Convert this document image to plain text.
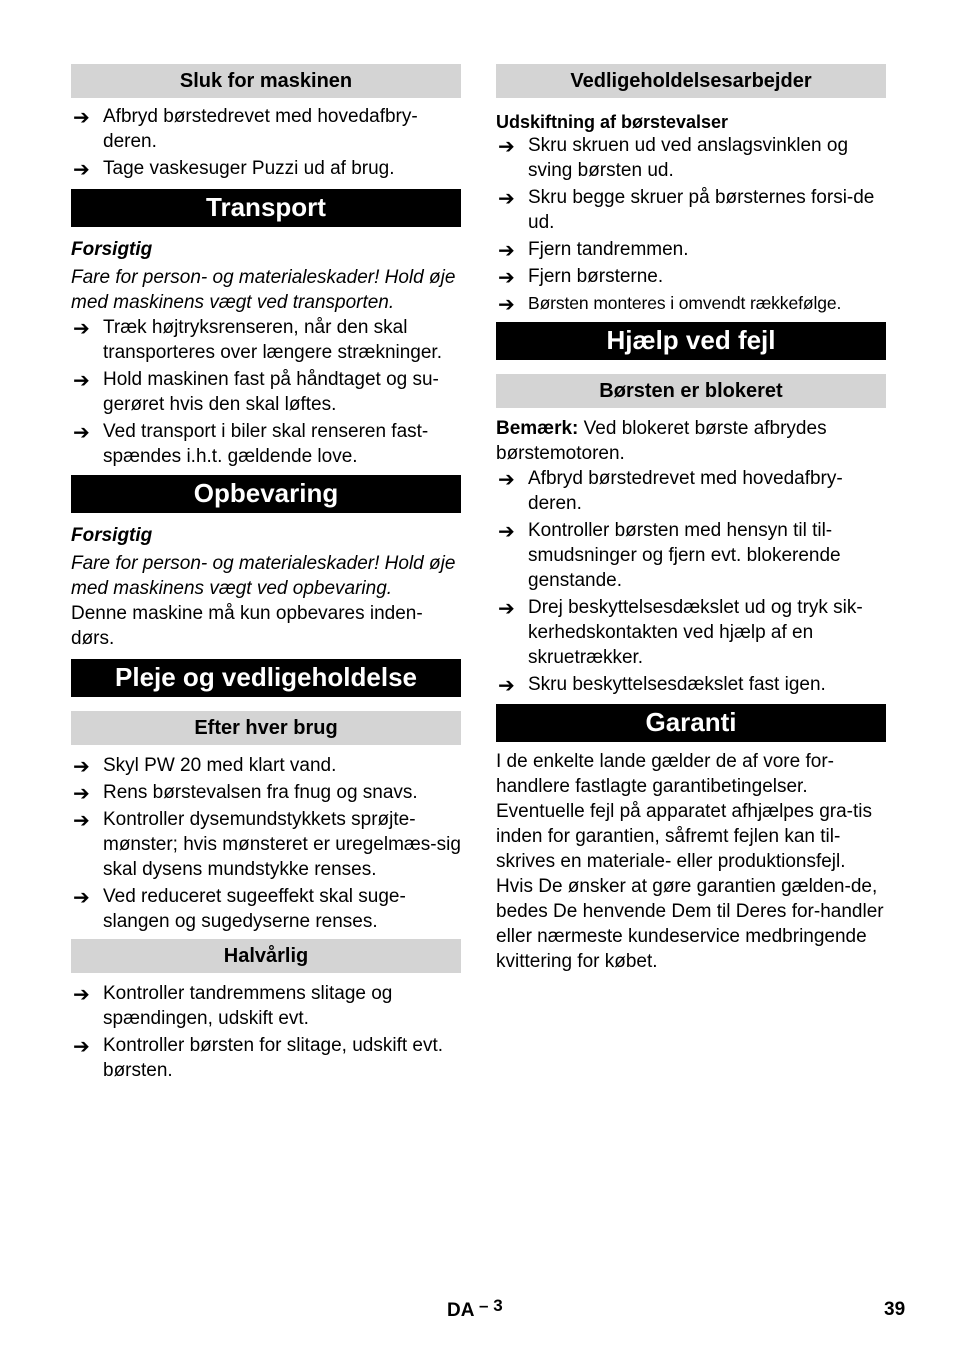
Sluk for maskinen
➔ Afbryd børstedrevet med hovedafbry-deren.
➔ Tage vaskesuger Puzzi ud af brug.
Transport

Forsigtig

Fare for person- og materialeskader! Hold øje med maskinens vægt ved transporten.

➔ Træk højtryksrenseren, når den skal transporteres over længere strækninger.
➔ Hold maskinen fast på håndtaget og su-gerøret hvis den skal løftes.
➔ Ved transport i biler skal renseren fast-spændes i.h.t. gældende love.
Opbevaring

Forsigtig

Fare for person- og materialeskader! Hold øje med maskinens vægt ved opbevaring.

Denne maskine må kun opbevares inden-dørs.

Pleje og vedligeholdelse
Efter hver brug
➔ Skyl PW 20 med klart vand.
➔ Rens børstevalsen fra fnug og snavs.
➔ Kontroller dysemundstykkets sprøjte-mønster; hvis mønsteret er uregelmæs-sig skal dysens mundstykke renses.
➔ Ved reduceret sugeeffekt skal suge-slangen og sugedyserne renses.
Halvårlig
➔ Kontroller tandremmens slitage og spændingen, udskift evt.
➔ Kontroller børsten for slitage, udskift evt. børsten.
Vedligeholdelsesarbejder

Udskiftning af børstevalser

➔ Skru skruen ud ved anslagsvinklen og sving børsten ud.
➔ Skru begge skruer på børsternes forsi-de ud.
➔ Fjern tandremmen.
➔ Fjern børsterne.
➔ Børsten monteres i omvendt rækkefølge.
Hjælp ved fejl
Børsten er blokeret

Bemærk: Ved blokeret børste afbrydes børstemotoren.

➔ Afbryd børstedrevet med hovedafbry-deren.
➔ Kontroller børsten med hensyn til til-smudsninger og fjern evt. blokerende genstande.
➔ Drej beskyttelsesdækslet ud og tryk sik-kerhedskontakten ved hjælp af en skruetrækker.
➔ Skru beskyttelsesdækslet fast igen.
Garanti

I de enkelte lande gælder de af vore for-handlere fastlagte garantibetingelser. Eventuelle fejl på apparatet afhjælpes gra-tis inden for garantien, såfremt fejlen kan til-skrives en materiale- eller produktionsfejl. Hvis De ønsker at gøre garantien gælden-de, bedes De henvende Dem til Deres for-handler eller nærmeste kundeservice medbringende kvittering for købet.

DA $^{- 3}$	39
